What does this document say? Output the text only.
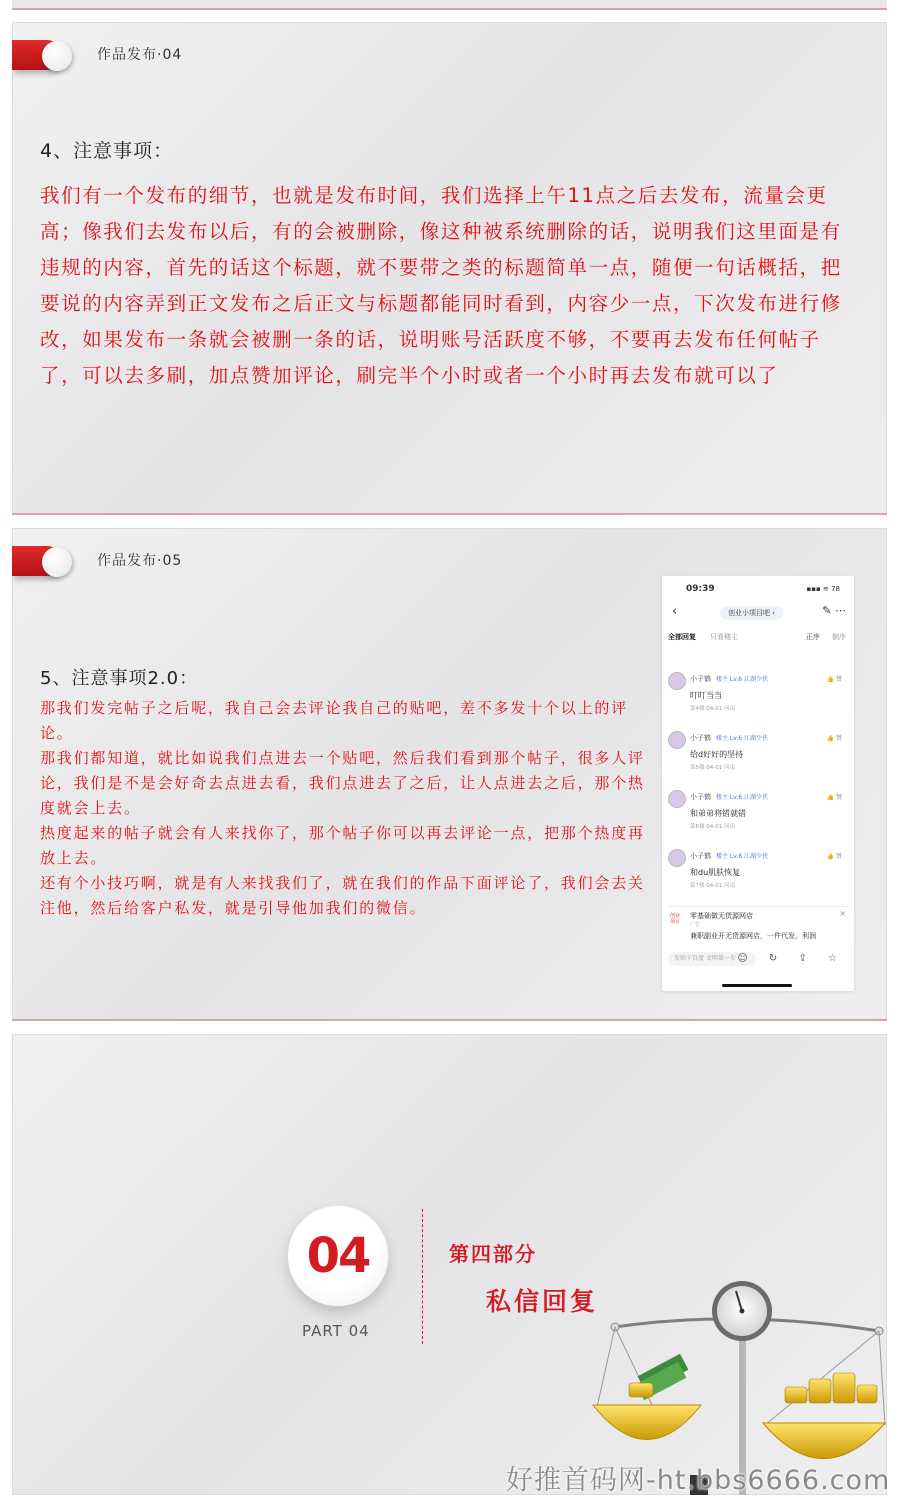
作品发布·04
4、注意事项：
我们有一个发布的细节，也就是发布时间，我们选择上午11点之后去发布，流量会更高；像我们去发布以后，有的会被删除，像这种被系统删除的话，说明我们这里面是有违规的内容，首先的话这个标题，就不要带之类的标题简单一点，随便一句话概括，把要说的内容弄到正文发布之后正文与标题都能同时看到，内容少一点，下次发布进行修改，如果发布一条就会被删一条的话，说明账号活跃度不够，不要再去发布任何帖子了，可以去多刷，加点赞加评论，刷完半个小时或者一个小时再去发布就可以了
作品发布·05
5、注意事项2.0：
那我们发完帖子之后呢，我自己会去评论我自己的贴吧，差不多发十个以上的评论。
那我们都知道，就比如说我们点进去一个贴吧，然后我们看到那个帖子，很多人评论，我们是不是会好奇去点进去看，我们点进去了之后，让人点进去之后，那个热度就会上去。
热度起来的帖子就会有人来找你了，那个帖子你可以再去评论一点，把那个热度再放上去。
还有个小技巧啊，就是有人来找我们了，就在我们的作品下面评论了，我们会去关注他，然后给客户私发，就是引导他加我们的微信。
09:39	▪▪▪ ≋ 78
‹	创业小项目吧 ›	✎ ⋯
全部回复 只看楼主	正序 倒序
小子鹤 楼主 Lv.6 江湖少侠	👍 赞
叮叮当当
第4楼 04-01 河南
小子鹤 楼主 Lv.6 江湖少侠	👍 赞
给d好好的坚持
第5楼 04-01 河南
小子鹤 楼主 Lv.6 江湖少侠	👍 赞
和弟弟将错就错
第6楼 04-01 河南
小子鹤 楼主 Lv.6 江湖少侠	👍 赞
和du肌肤恢复
第7楼 04-01 河南
创业 项目
零基础做无货源网店
广告
兼职副业开无货源网店，一件代发，利润
×
发贴于百度 文明第一步 ☺ ↻ ⇪ ☆
04
PART 04
第四部分
私信回复
好推首码网-ht.bbs6666.com
